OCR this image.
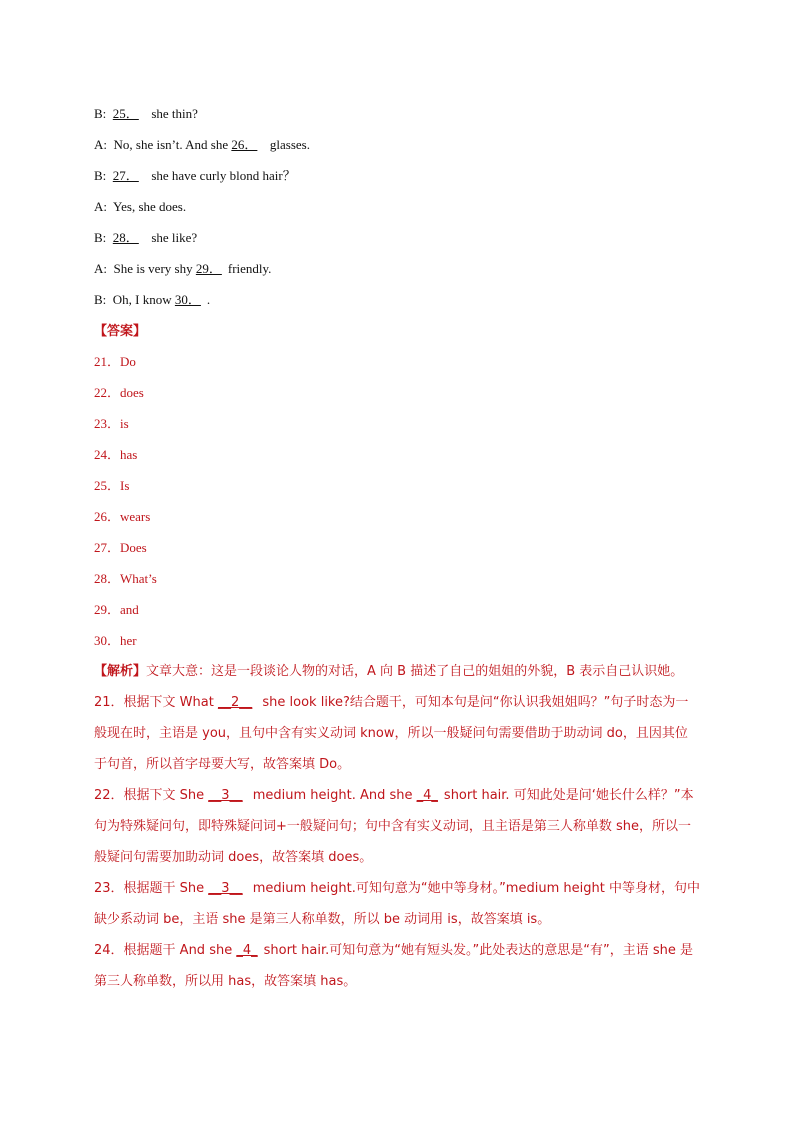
B: 25． she thin?
A: No, she isn’t. And she 26． glasses.
B: 27． she have curly blond hair？
A: Yes, she does.
B: 28． she like?
A: She is very shy 29． friendly.
B: Oh, I know 30． .
【答案】
21．Do
22．does
23．is
24．has
25．Is
26．wears
27．Does
28．What’s
29．and
30．her
【解析】文章大意：这是一段谈论人物的对话，A 向 B 描述了自己的姐姐的外貌，B 表示自己认识她。
21．根据下文 What __2__ she look like?结合题干，可知本句是问“你认识我姐姐吗？”句子时态为一般现在时，主语是 you，且句中含有实义动词 know，所以一般疑问句需要借助于助动词 do，且因其位于句首，所以首字母要大写，故答案填 Do。
22．根据下文 She __3__ medium height. And she _4_ short hair. 可知此处是问‘她长什么样？”本句为特殊疑问句，即特殊疑问词+一般疑问句；句中含有实义动词，且主语是第三人称单数 she，所以一般疑问句需要加助动词 does，故答案填 does。
23．根据题干 She __3__ medium height.可知句意为“她中等身材。”medium height 中等身材，句中缺少系动词 be，主语 she 是第三人称单数，所以 be 动词用 is，故答案填 is。
24．根据题干 And she _4_ short hair.可知句意为“她有短头发。”此处表达的意思是“有”，主语 she 是第三人称单数，所以用 has，故答案填 has。
